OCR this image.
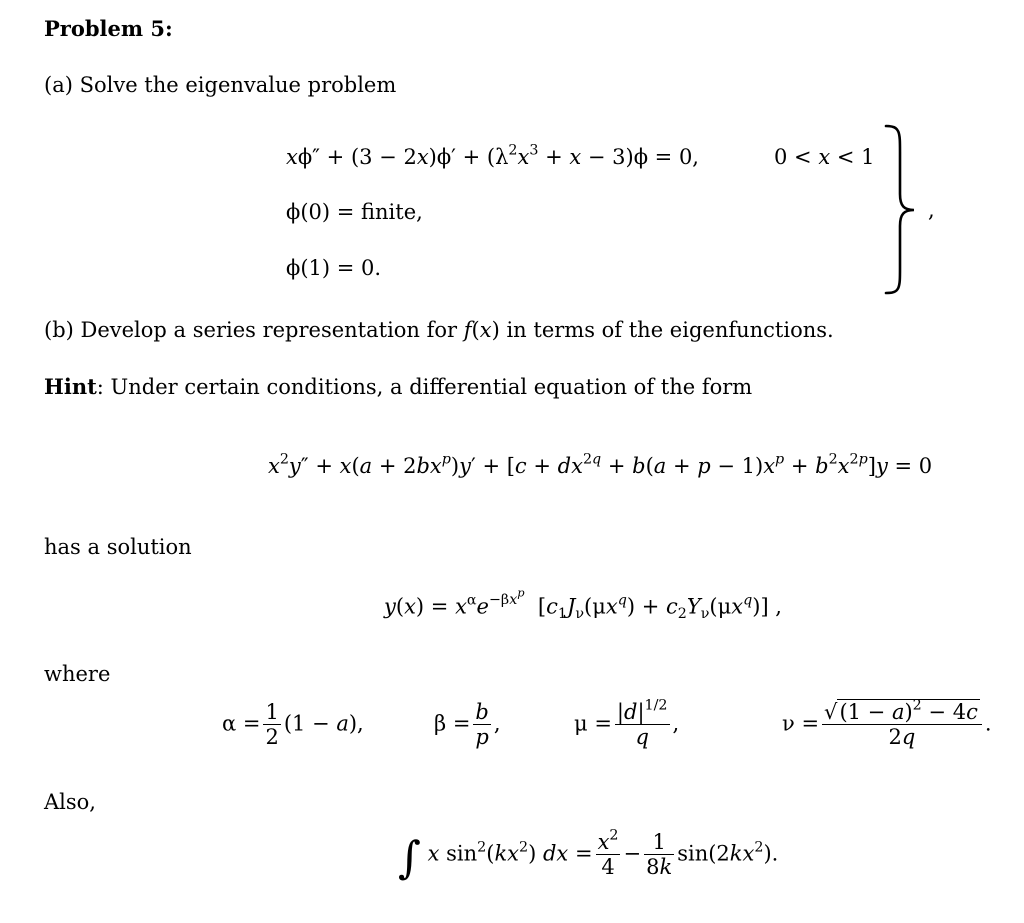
Problem 5:
(a) Solve the eigenvalue problem
$x\phi'' + (3 - 2x)\phi' + (\lambda^2x^3 + x - 3)\phi = 0$,	0 < x < 1
ϕ(0) = finite,
ϕ(1) = 0.
,
(b) Develop a series representation for f(x) in terms of the eigenfunctions.
Hint: Under certain conditions, a differential equation of the form
$x^2y'' + x(a + 2bx^p)y' + [c + dx^{2q} + b(a + p - 1)x^p + b^2x^{2p}]y = 0$
has a solution
$y(x) = x^\alpha e^{-\beta x^p}$  $[c_1J_\nu(\mu x^q) + c_2Y_\nu(\mu x^q)]$ ,
where
$\alpha = \frac{1}{2} (1 - a)$,	$\beta = \frac{b}{p}$ ,	$\mu = \frac{|d|^{1/2}}{q}$ ,	$\nu = \frac{√(1 - a)^2 - 4c}{2q}$ .
Also,
∫ x $\sin^2(kx^2)$ dx = $\frac{x^2}{4} - \frac{1}{8k} \sin(2kx^2)$.
